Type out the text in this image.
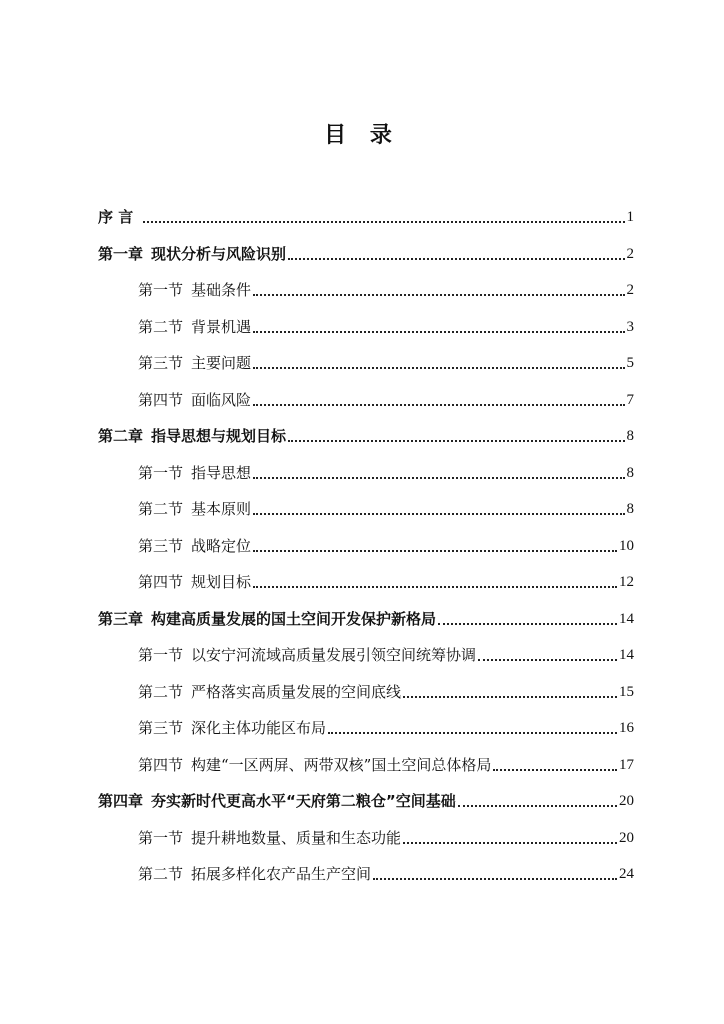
目 录
序 言	1
第一章 现状分析与风险识别	2
第一节 基础条件	2
第二节 背景机遇	3
第三节 主要问题	5
第四节 面临风险	7
第二章 指导思想与规划目标	8
第一节 指导思想	8
第二节 基本原则	8
第三节 战略定位	10
第四节 规划目标	12
第三章 构建高质量发展的国土空间开发保护新格局	14
第一节 以安宁河流域高质量发展引领空间统筹协调	14
第二节 严格落实高质量发展的空间底线	15
第三节 深化主体功能区布局	16
第四节 构建“一区两屏、两带双核”国土空间总体格局	17
第四章 夯实新时代更高水平“天府第二粮仓”空间基础	20
第一节 提升耕地数量、质量和生态功能	20
第二节 拓展多样化农产品生产空间	24
